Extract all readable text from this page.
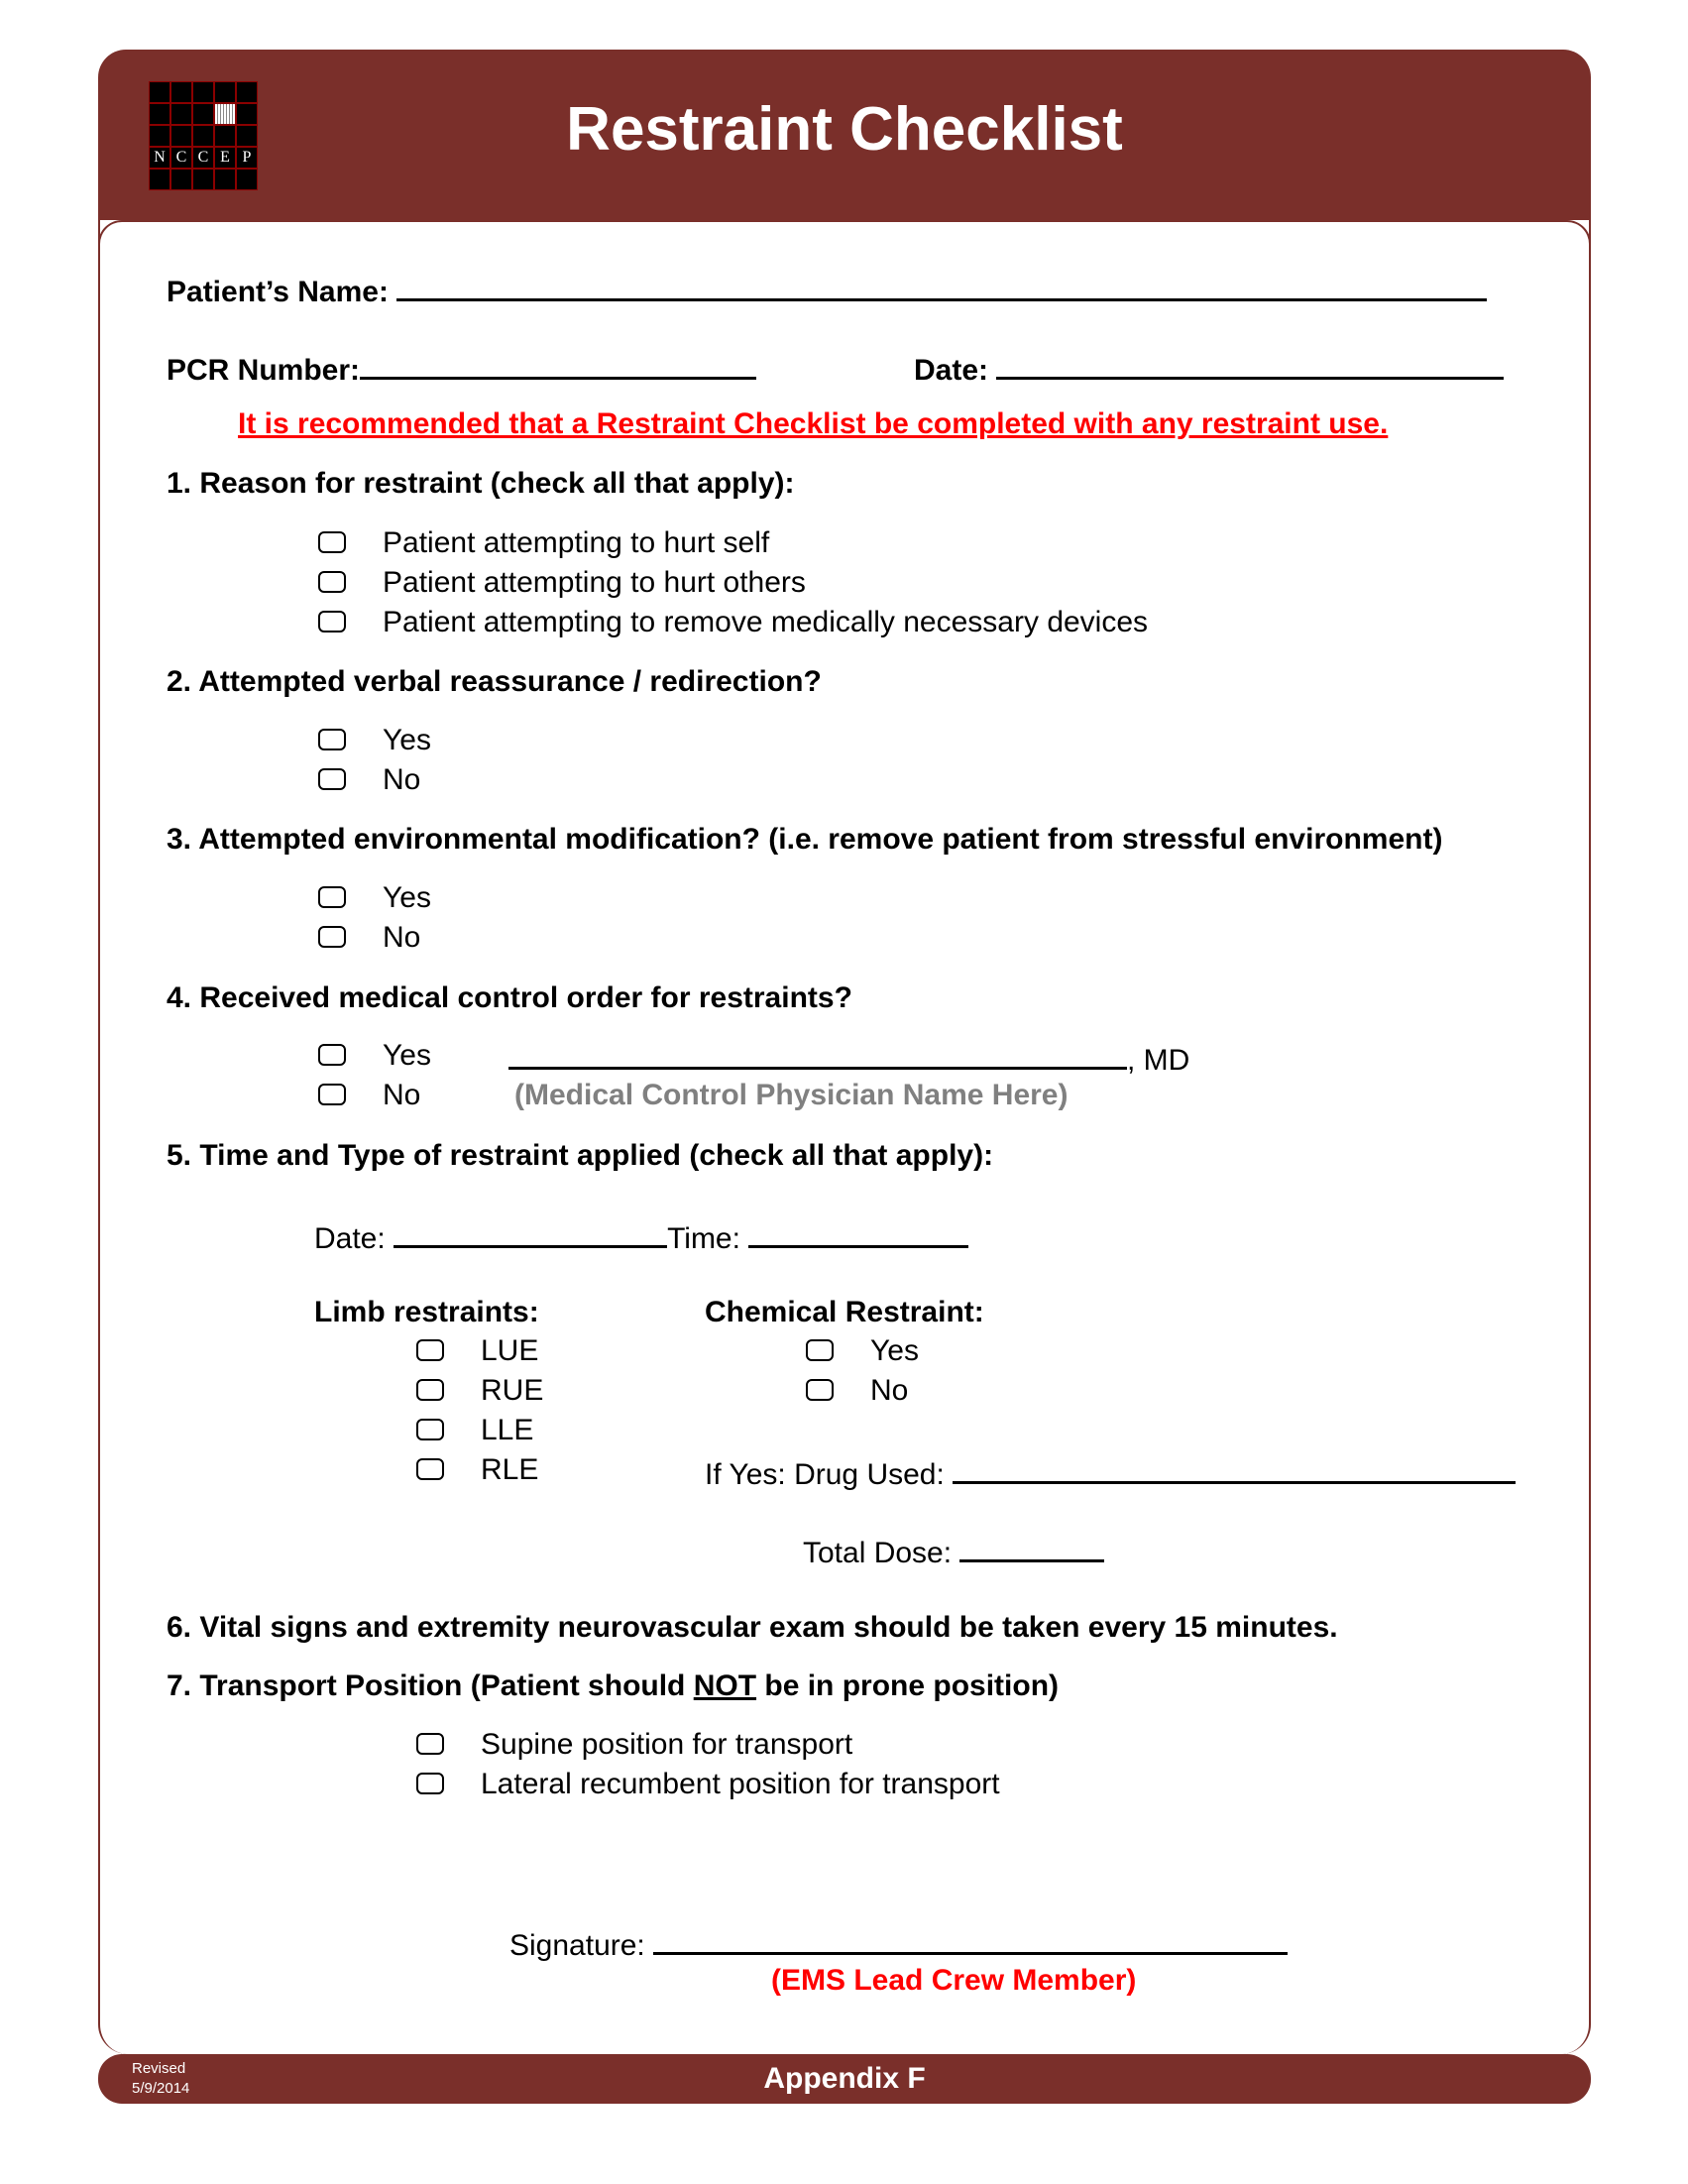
N C C E P	Restraint Checklist
Patient’s Name:
PCR Number:	Date:
It is recommended that a Restraint Checklist be completed with any restraint use.
1. Reason for restraint (check all that apply):
Patient attempting to hurt self
Patient attempting to hurt others
Patient attempting to remove medically necessary devices
2. Attempted verbal reassurance / redirection?
Yes
No
3. Attempted environmental modification? (i.e. remove patient from stressful environment)
Yes
No
4. Received medical control order for restraints?
Yes	, MD
No	(Medical Control Physician Name Here)
5. Time and Type of restraint applied (check all that apply):
Date:	Time:
Limb restraints:
LUE
RUE
LLE
RLE
Chemical Restraint:
Yes
No
If Yes: Drug Used:
Total Dose:
6. Vital signs and extremity neurovascular exam should be taken every 15 minutes.
7. Transport Position (Patient should NOT be in prone position)
Supine position for transport
Lateral recumbent position for transport
Signature:
(EMS Lead Crew Member)
Revised
5/9/2014	Appendix F
